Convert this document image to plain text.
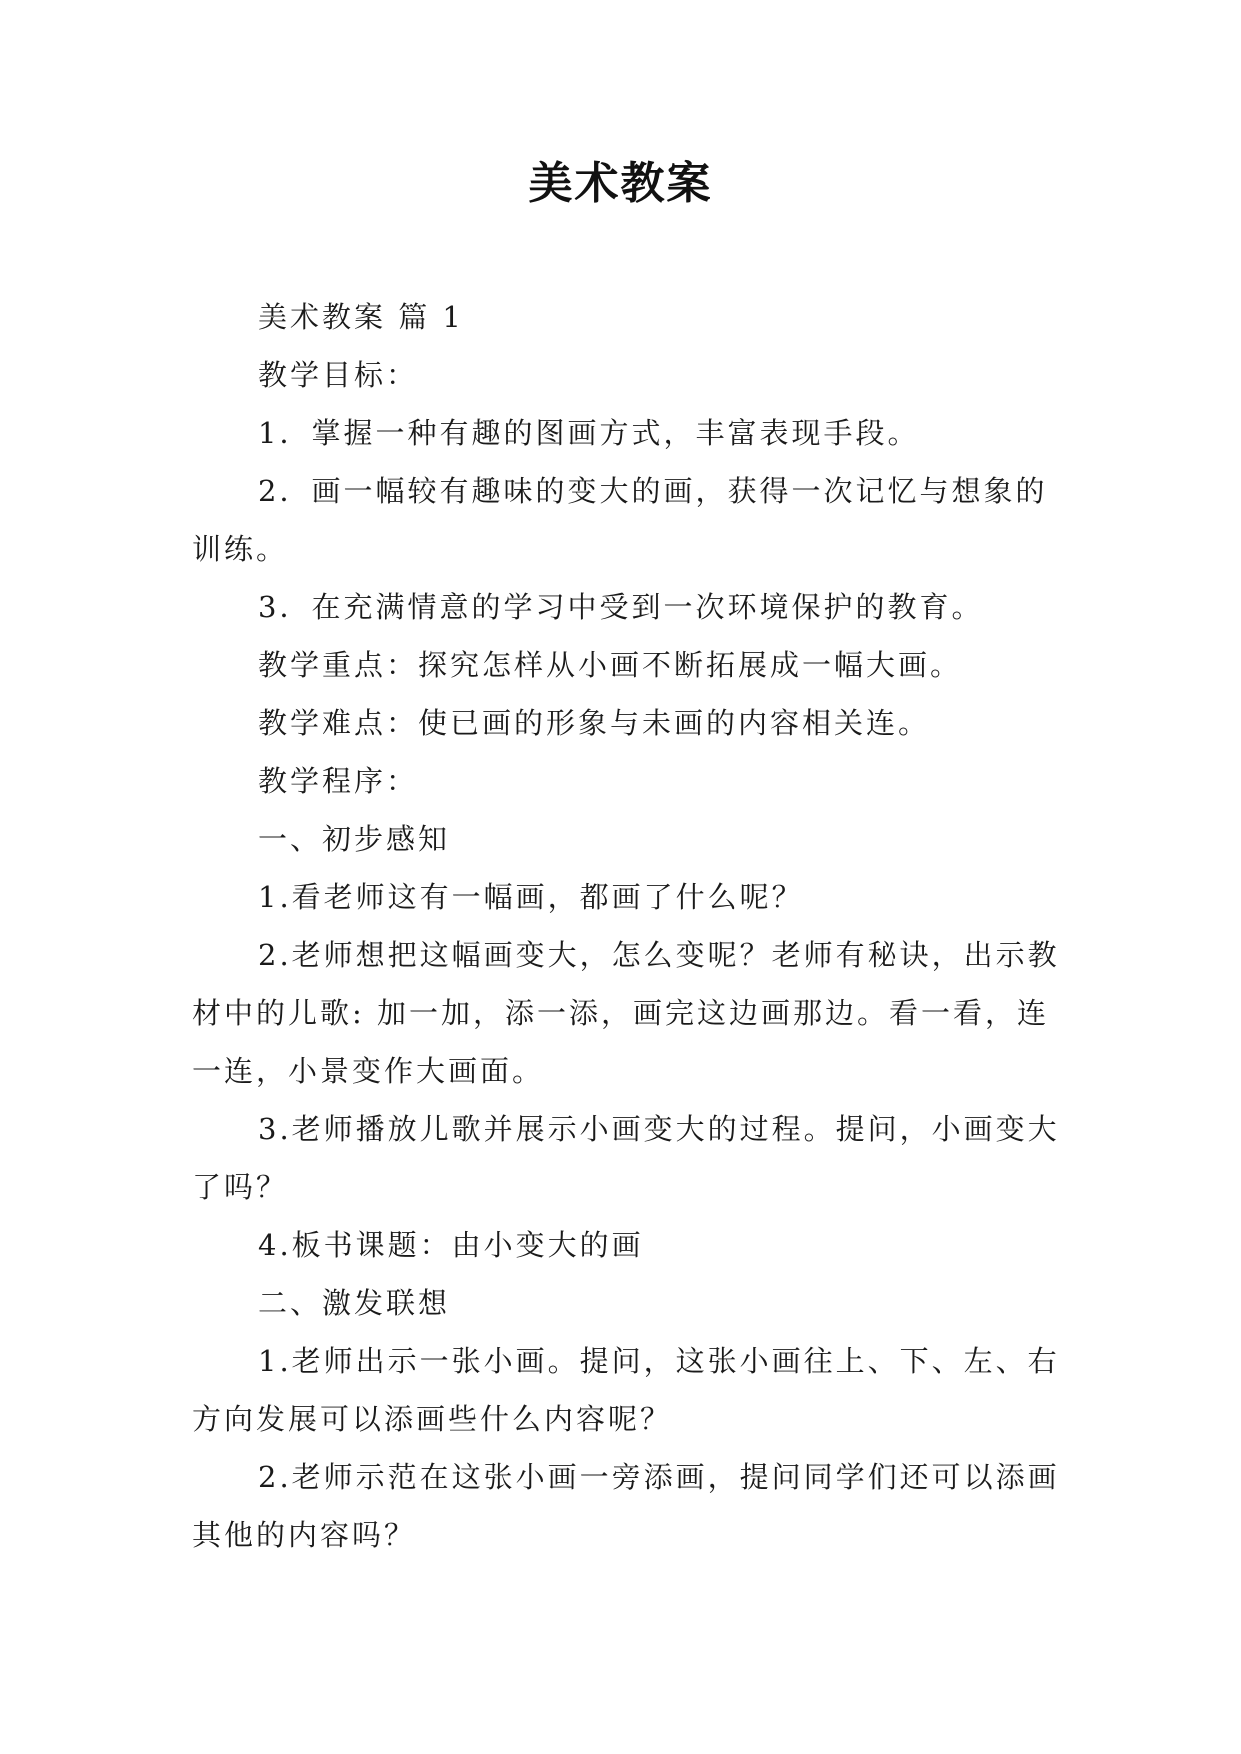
美术教案

美术教案 篇 1

教学目标：

1．掌握一种有趣的图画方式，丰富表现手段。

2．画一幅较有趣味的变大的画，获得一次记忆与想象的训练。

3．在充满情意的学习中受到一次环境保护的教育。

教学重点：探究怎样从小画不断拓展成一幅大画。

教学难点：使已画的形象与未画的内容相关连。

教学程序：

一、初步感知

1.看老师这有一幅画，都画了什么呢？

2.老师想把这幅画变大，怎么变呢？老师有秘诀，出示教材中的儿歌: 加一加，添一添，画完这边画那边。看一看，连一连，小景变作大画面。

3.老师播放儿歌并展示小画变大的过程。提问，小画变大了吗？

4.板书课题：由小变大的画

二、激发联想

1.老师出示一张小画。提问，这张小画往上、下、左、右方向发展可以添画些什么内容呢？

2.老师示范在这张小画一旁添画，提问同学们还可以添画其他的内容吗？
